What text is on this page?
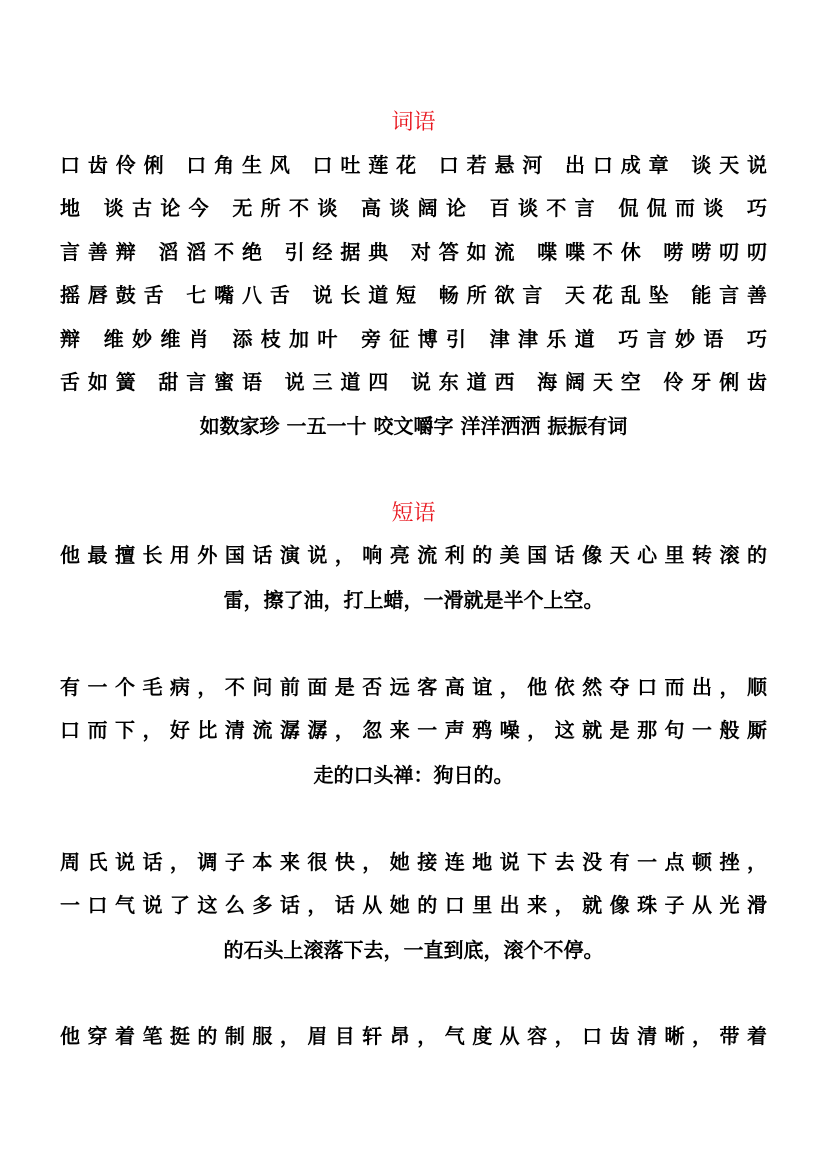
词语
口齿伶俐 口角生风 口吐莲花 口若悬河 出口成章 谈天说
地 谈古论今 无所不谈 高谈阔论 百谈不言 侃侃而谈 巧
言善辩 滔滔不绝 引经据典 对答如流 喋喋不休 唠唠叨叨
摇唇鼓舌 七嘴八舌 说长道短 畅所欲言 天花乱坠 能言善
辩 维妙维肖 添枝加叶 旁征博引 津津乐道 巧言妙语 巧
舌如簧 甜言蜜语 说三道四 说东道西 海阔天空 伶牙俐齿
如数家珍 一五一十 咬文嚼字 洋洋洒洒 振振有词
短语
他最擅长用外国话演说，响亮流利的美国话像天心里转滚的
雷，擦了油，打上蜡，一滑就是半个上空。
有一个毛病，不问前面是否远客高谊，他依然夺口而出，顺
口而下，好比清流潺潺，忽来一声鸦噪，这就是那句一般厮
走的口头禅：狗日的。
周氏说话，调子本来很快，她接连地说下去没有一点顿挫，
一口气说了这么多话，话从她的口里出来，就像珠子从光滑
的石头上滚落下去，一直到底，滚个不停。
他穿着笔挺的制服，眉目轩昂，气度从容，口齿清晰，带着
